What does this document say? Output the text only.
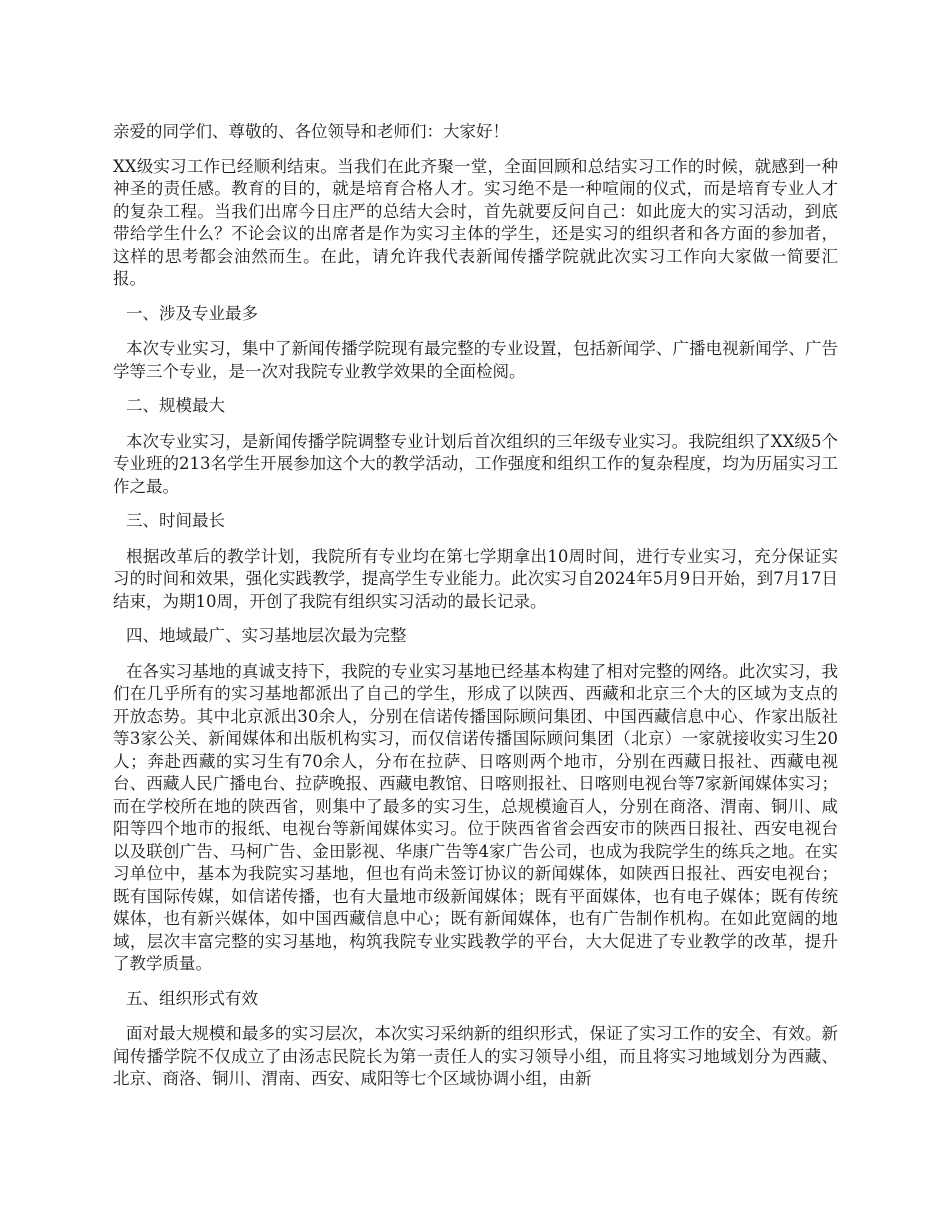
亲爱的同学们、尊敬的、各位领导和老师们：大家好！

XX级实习工作已经顺利结束。当我们在此齐聚一堂，全面回顾和总结实习工作的时候，就感到一种神圣的责任感。教育的目的，就是培育合格人才。实习绝不是一种喧闹的仪式，而是培育专业人才的复杂工程。当我们出席今日庄严的总结大会时，首先就要反问自己：如此庞大的实习活动，到底带给学生什么？不论会议的出席者是作为实习主体的学生，还是实习的组织者和各方面的参加者，这样的思考都会油然而生。在此，请允许我代表新闻传播学院就此次实习工作向大家做一简要汇报。

一、涉及专业最多

本次专业实习，集中了新闻传播学院现有最完整的专业设置，包括新闻学、广播电视新闻学、广告学等三个专业，是一次对我院专业教学效果的全面检阅。

二、规模最大

本次专业实习，是新闻传播学院调整专业计划后首次组织的三年级专业实习。我院组织了XX级5个专业班的213名学生开展参加这个大的教学活动，工作强度和组织工作的复杂程度，均为历届实习工作之最。

三、时间最长

根据改革后的教学计划，我院所有专业均在第七学期拿出10周时间，进行专业实习，充分保证实习的时间和效果，强化实践教学，提高学生专业能力。此次实习自2024年5月9日开始，到7月17日结束，为期10周，开创了我院有组织实习活动的最长记录。

四、地域最广、实习基地层次最为完整

在各实习基地的真诚支持下，我院的专业实习基地已经基本构建了相对完整的网络。此次实习，我们在几乎所有的实习基地都派出了自己的学生，形成了以陕西、西藏和北京三个大的区域为支点的开放态势。其中北京派出30余人，分别在信诺传播国际顾问集团、中国西藏信息中心、作家出版社等3家公关、新闻媒体和出版机构实习，而仅信诺传播国际顾问集团（北京）一家就接收实习生20人；奔赴西藏的实习生有70余人，分布在拉萨、日喀则两个地市，分别在西藏日报社、西藏电视台、西藏人民广播电台、拉萨晚报、西藏电教馆、日喀则报社、日喀则电视台等7家新闻媒体实习；而在学校所在地的陕西省，则集中了最多的实习生，总规模逾百人，分别在商洛、渭南、铜川、咸阳等四个地市的报纸、电视台等新闻媒体实习。位于陕西省省会西安市的陕西日报社、西安电视台以及联创广告、马柯广告、金田影视、华康广告等4家广告公司，也成为我院学生的练兵之地。在实习单位中，基本为我院实习基地，但也有尚未签订协议的新闻媒体，如陕西日报社、西安电视台；既有国际传媒，如信诺传播，也有大量地市级新闻媒体；既有平面媒体，也有电子媒体；既有传统媒体，也有新兴媒体，如中国西藏信息中心；既有新闻媒体，也有广告制作机构。在如此宽阔的地域，层次丰富完整的实习基地，构筑我院专业实践教学的平台，大大促进了专业教学的改革，提升了教学质量。

五、组织形式有效

面对最大规模和最多的实习层次，本次实习采纳新的组织形式，保证了实习工作的安全、有效。新闻传播学院不仅成立了由汤志民院长为第一责任人的实习领导小组，而且将实习地域划分为西藏、北京、商洛、铜川、渭南、西安、咸阳等七个区域协调小组，由新
